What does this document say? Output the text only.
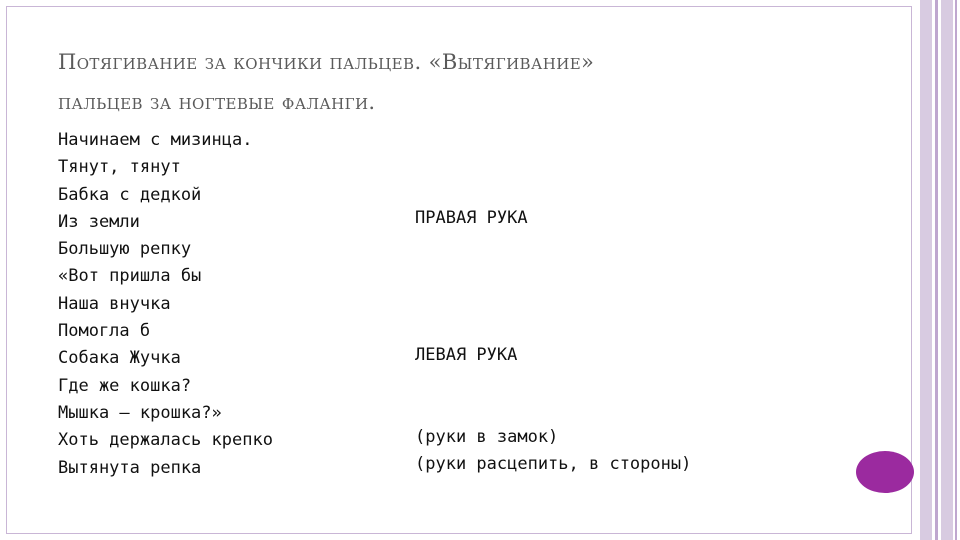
Потягивание за кончики пальцев. «Вытягивание»
пальцев за ногтевые фаланги.
Начинаем с мизинца.
Тянут, тянут
Бабка с дедкой
Из земли
Большую репку
«Вот пришла бы
Наша внучка
Помогла б
Собака Жучка
Где же кошка?
Мышка – крошка?»
Хоть держалась крепко
Вытянута репка
ПРАВАЯ РУКА
ЛЕВАЯ РУКА
(руки в замок)
(руки расцепить, в стороны)
